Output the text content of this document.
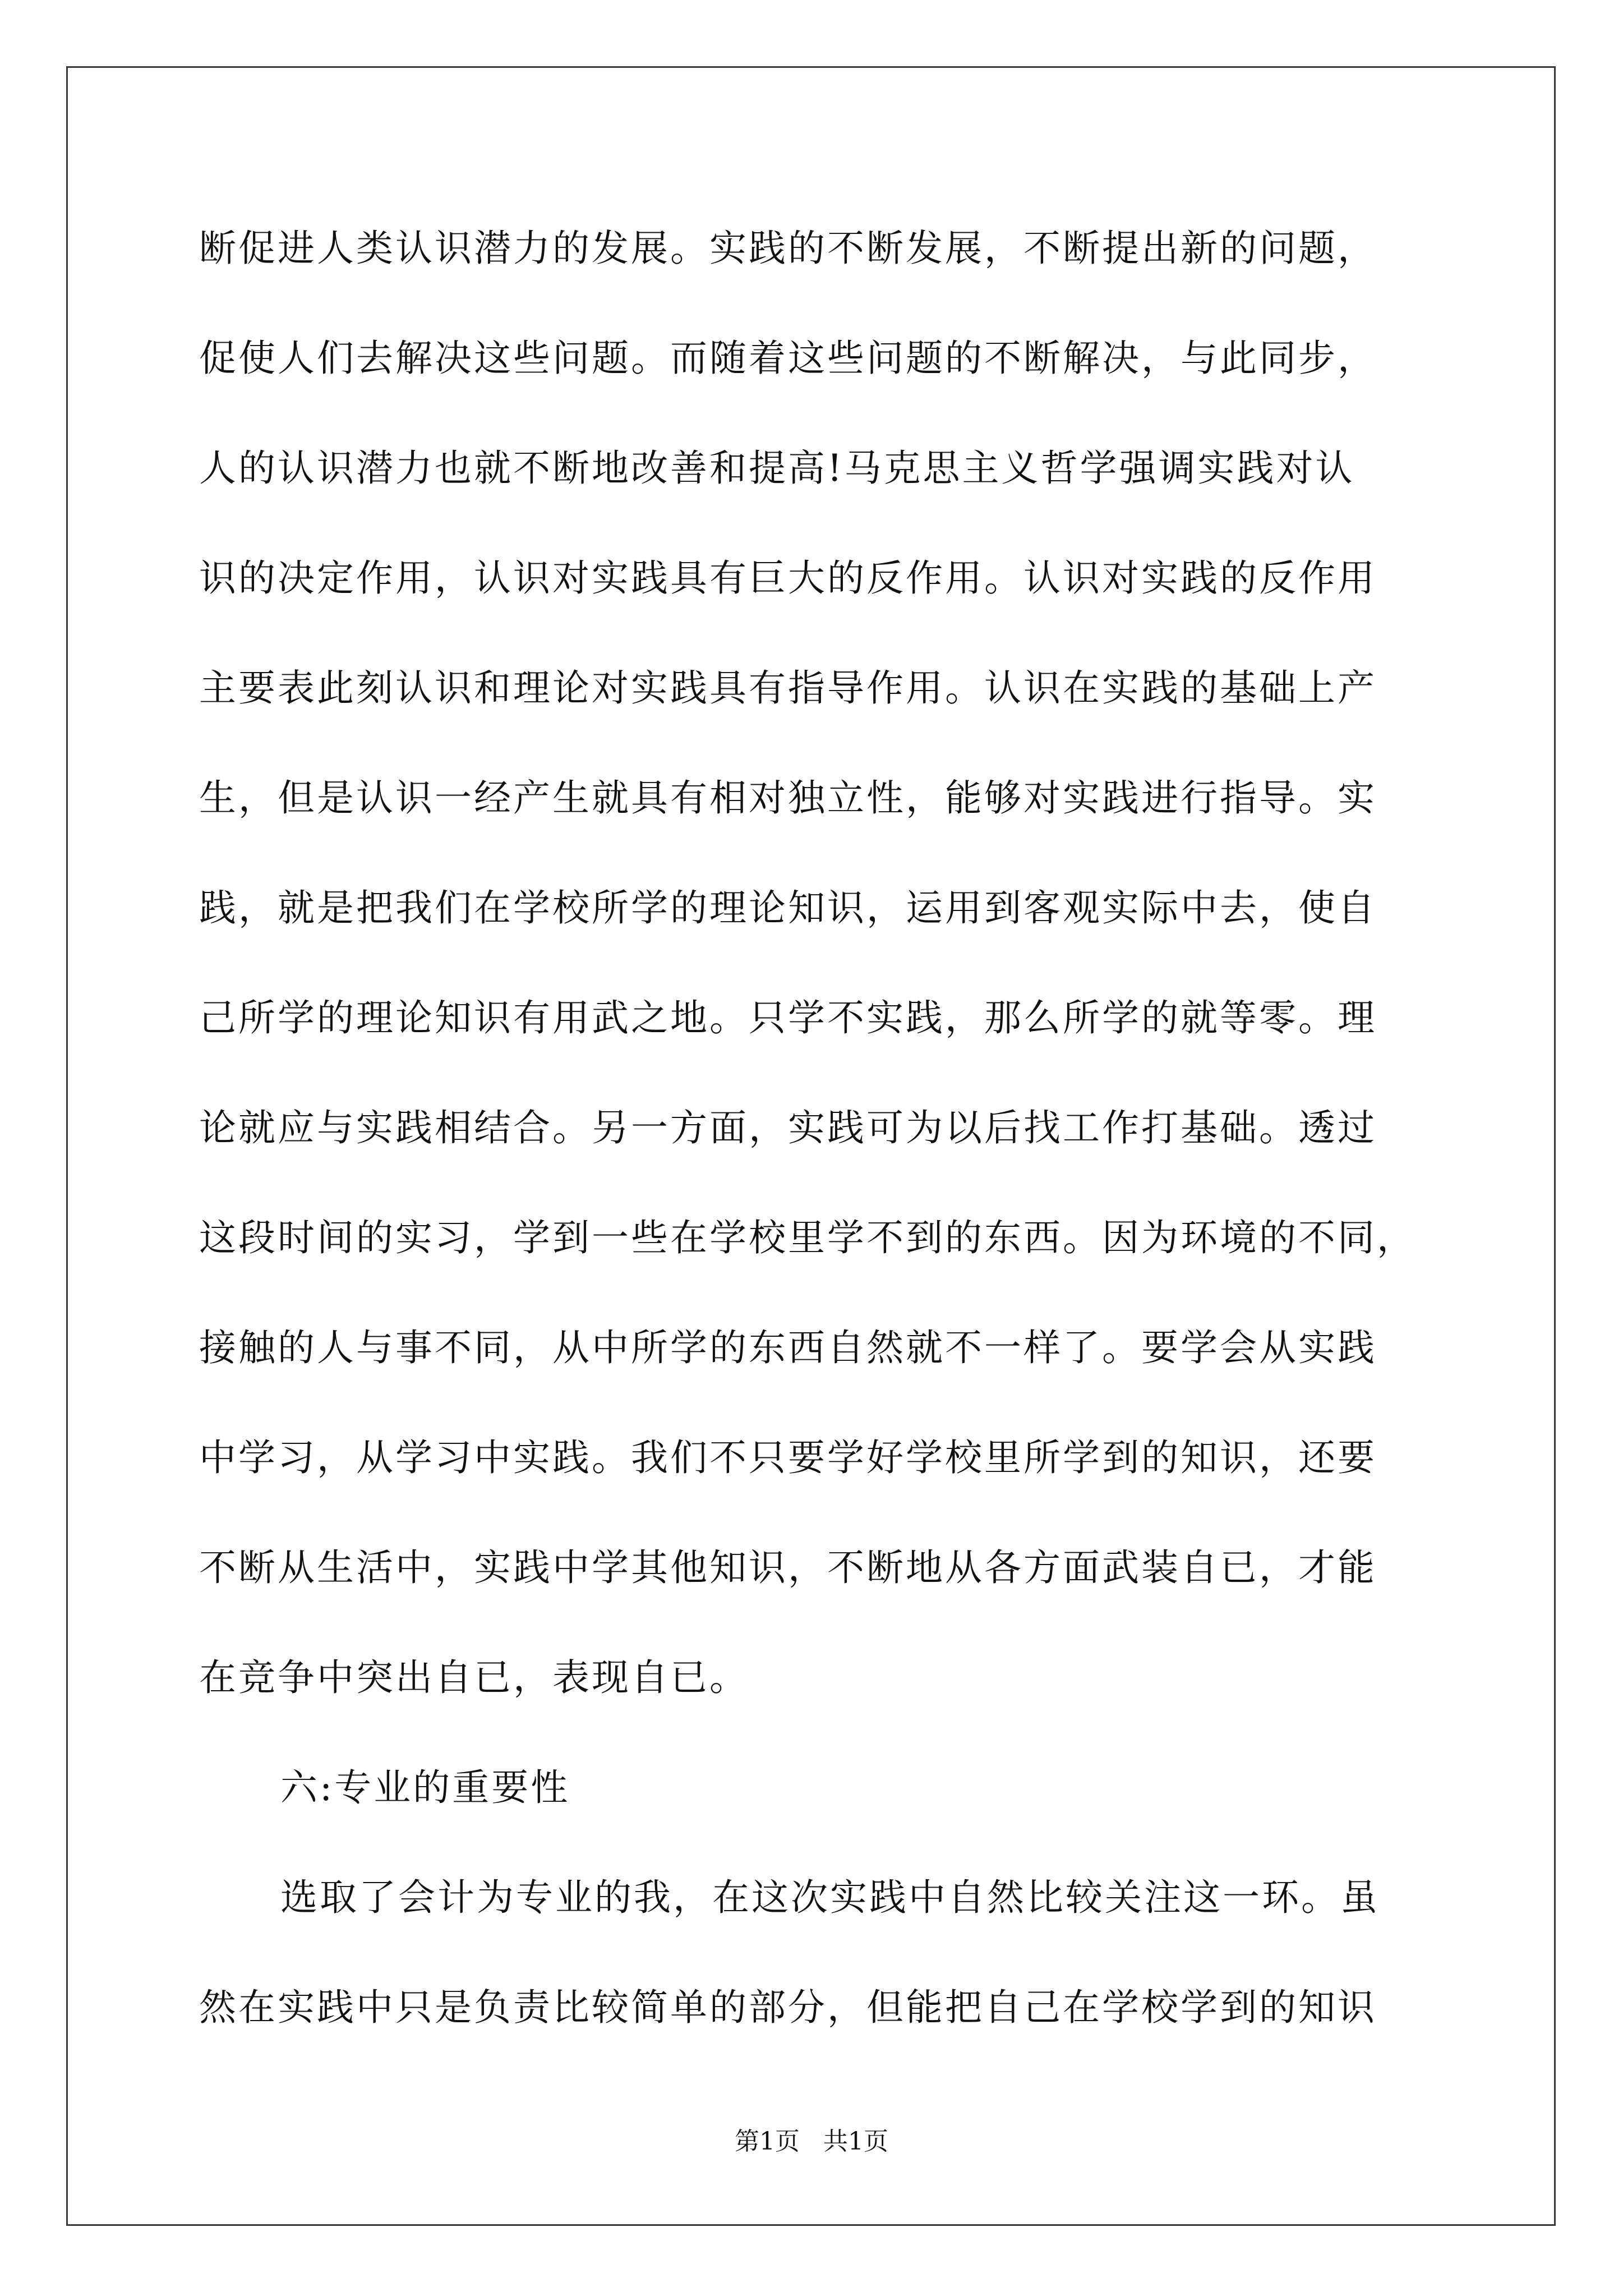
断促进人类认识潜力的发展。实践的不断发展，不断提出新的问题，
促使人们去解决这些问题。而随着这些问题的不断解决，与此同步，
人的认识潜力也就不断地改善和提高!马克思主义哲学强调实践对认
识的决定作用，认识对实践具有巨大的反作用。认识对实践的反作用
主要表此刻认识和理论对实践具有指导作用。认识在实践的基础上产
生，但是认识一经产生就具有相对独立性，能够对实践进行指导。实
践，就是把我们在学校所学的理论知识，运用到客观实际中去，使自
己所学的理论知识有用武之地。只学不实践，那么所学的就等零。理
论就应与实践相结合。另一方面，实践可为以后找工作打基础。透过
这段时间的实习，学到一些在学校里学不到的东西。因为环境的不同，
接触的人与事不同，从中所学的东西自然就不一样了。要学会从实践
中学习，从学习中实践。我们不只要学好学校里所学到的知识，还要
不断从生活中，实践中学其他知识，不断地从各方面武装自已，才能
在竞争中突出自已，表现自已。
六:专业的重要性
选取了会计为专业的我，在这次实践中自然比较关注这一环。虽
然在实践中只是负责比较简单的部分，但能把自己在学校学到的知识
第1页   共1页
